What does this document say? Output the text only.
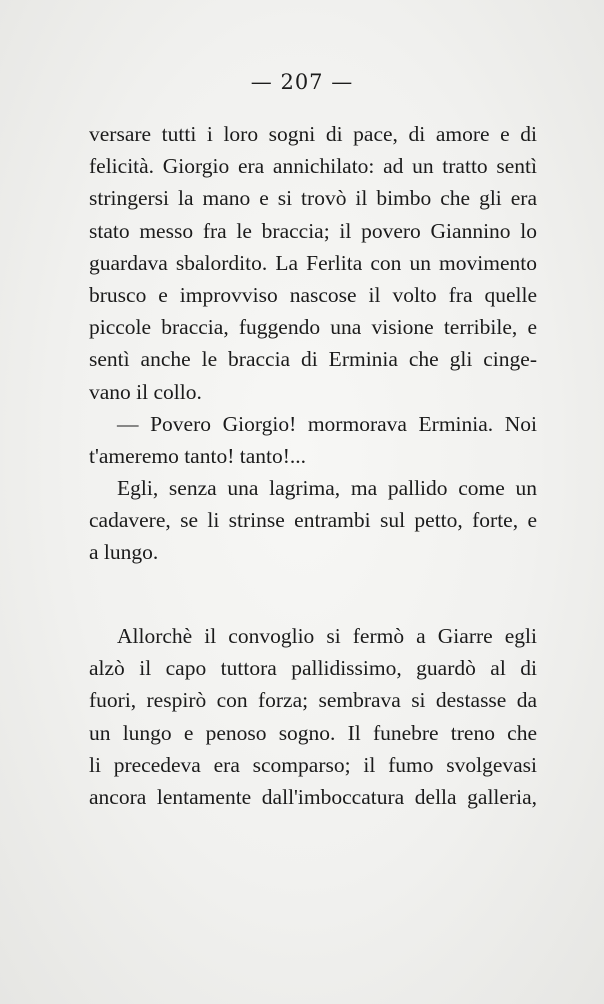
— 207 —
versare tutti i loro sogni di pace, di amore e di
felicità. Giorgio era annichilato: ad un tratto sentì
stringersi la mano e si trovò il bimbo che gli era
stato messo fra le braccia; il povero Giannino lo
guardava sbalordito. La Ferlita con un movimento
brusco e improvviso nascose il volto fra quelle
piccole braccia, fuggendo una visione terribile, e
sentì anche le braccia di Erminia che gli cinge-
vano il collo.
— Povero Giorgio! mormorava Erminia. Noi
t'ameremo tanto! tanto!...
Egli, senza una lagrima, ma pallido come un
cadavere, se li strinse entrambi sul petto, forte, e
a lungo.
Allorchè il convoglio si fermò a Giarre egli
alzò il capo tuttora pallidissimo, guardò al di
fuori, respirò con forza; sembrava si destasse da
un lungo e penoso sogno. Il funebre treno che
li precedeva era scomparso; il fumo svolgevasi
ancora lentamente dall'imboccatura della galleria,
